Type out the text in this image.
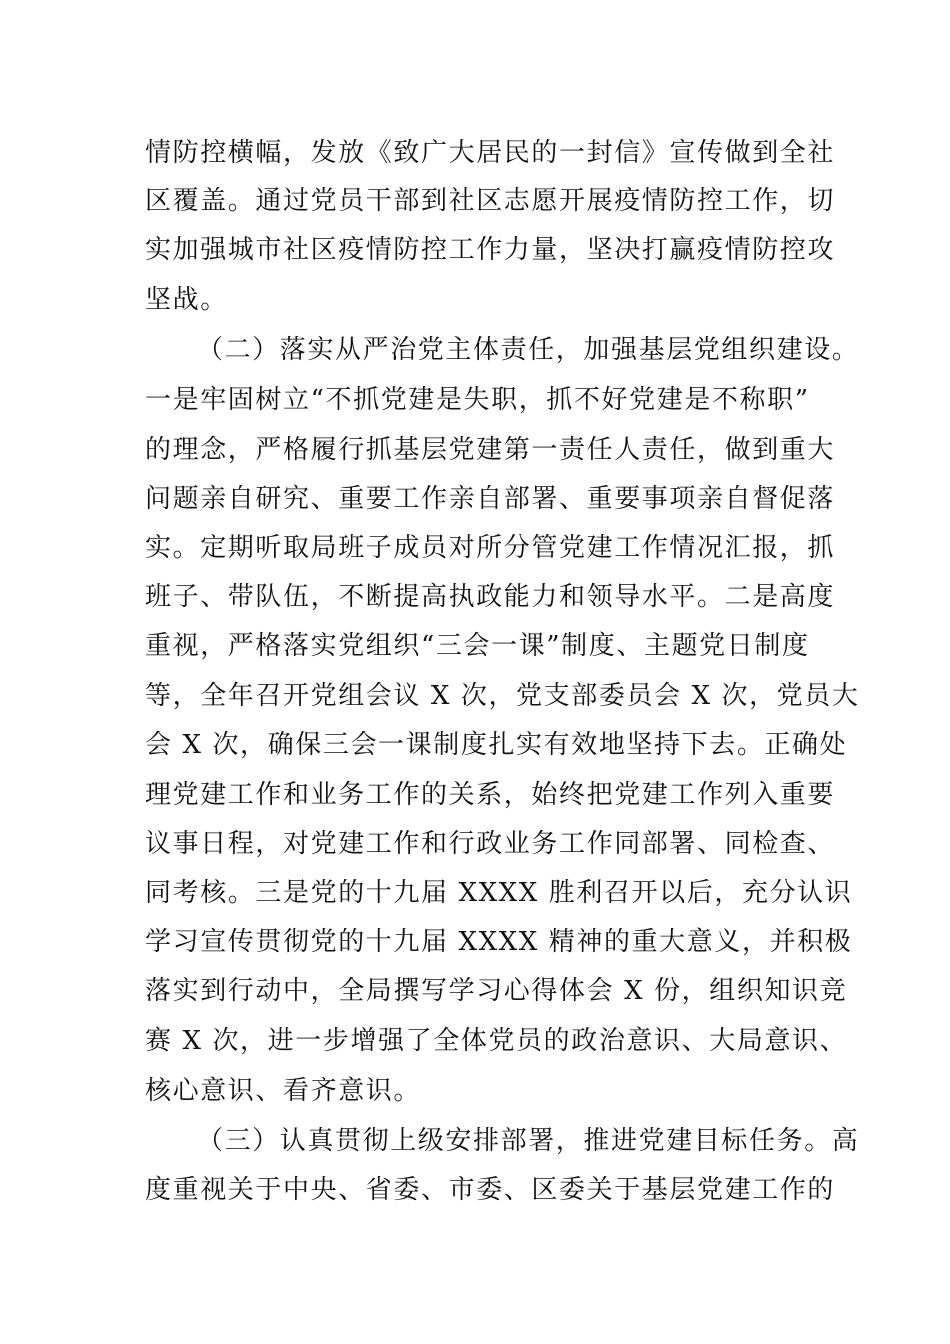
情防控横幅，发放《致广大居民的一封信》宣传做到全社
区覆盖。通过党员干部到社区志愿开展疫情防控工作，切
实加强城市社区疫情防控工作力量，坚决打赢疫情防控攻
坚战。
（二）落实从严治党主体责任，加强基层党组织建设。
一是牢固树立“不抓党建是失职，抓不好党建是不称职”
的理念，严格履行抓基层党建第一责任人责任，做到重大
问题亲自研究、重要工作亲自部署、重要事项亲自督促落
实。定期听取局班子成员对所分管党建工作情况汇报，抓
班子、带队伍，不断提高执政能力和领导水平。二是高度
重视，严格落实党组织“三会一课”制度、主题党日制度
等，全年召开党组会议 X 次，党支部委员会 X 次，党员大
会 X 次，确保三会一课制度扎实有效地坚持下去。正确处
理党建工作和业务工作的关系，始终把党建工作列入重要
议事日程，对党建工作和行政业务工作同部署、同检查、
同考核。三是党的十九届 XXXX 胜利召开以后，充分认识
学习宣传贯彻党的十九届 XXXX 精神的重大意义，并积极
落实到行动中，全局撰写学习心得体会 X 份，组织知识竞
赛 X 次，进一步增强了全体党员的政治意识、大局意识、
核心意识、看齐意识。
（三）认真贯彻上级安排部署，推进党建目标任务。高
度重视关于中央、省委、市委、区委关于基层党建工作的
